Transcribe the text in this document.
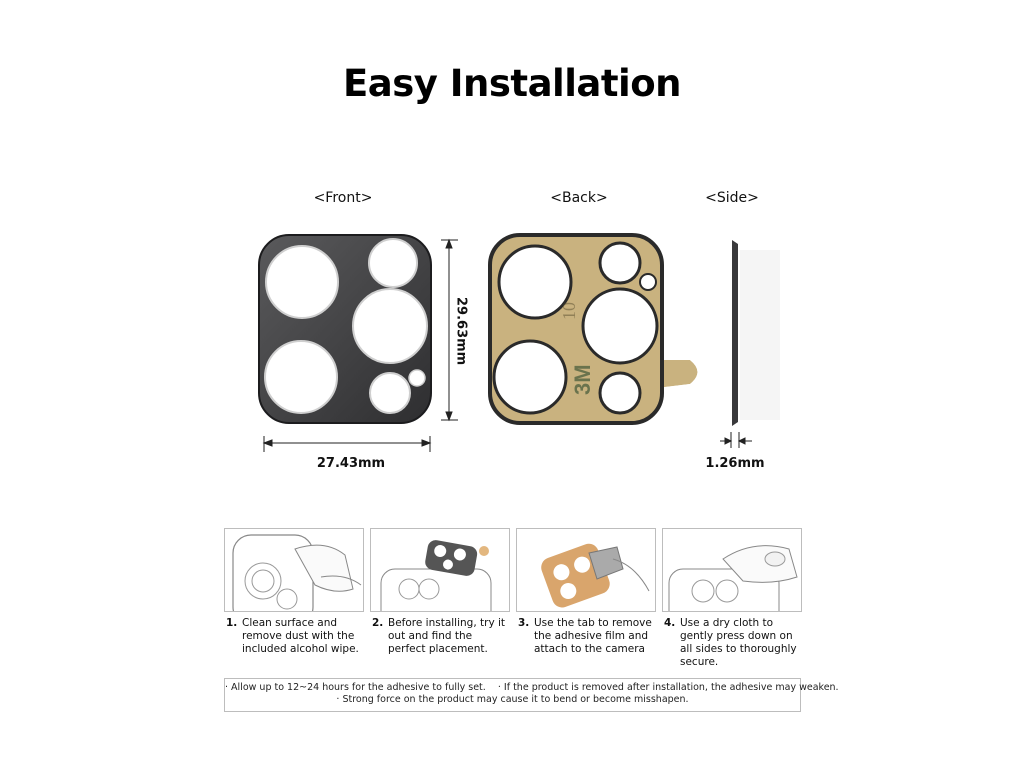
Easy Installation
<Front>	<Back>	<Side>
3M
10
27.43mm
29.63mm
1.26mm
1. Clean surface and remove dust with the included alcohol wipe.
2. Before installing, try it out and find the perfect placement.
3. Use the tab to remove the adhesive film and attach to the camera
4. Use a dry cloth to gently press down on all sides to thoroughly secure.
· Allow up to 12~24 hours for the adhesive to fully set.    · If the product is removed after installation, the adhesive may weaken.
· Strong force on the product may cause it to bend or become misshapen.
